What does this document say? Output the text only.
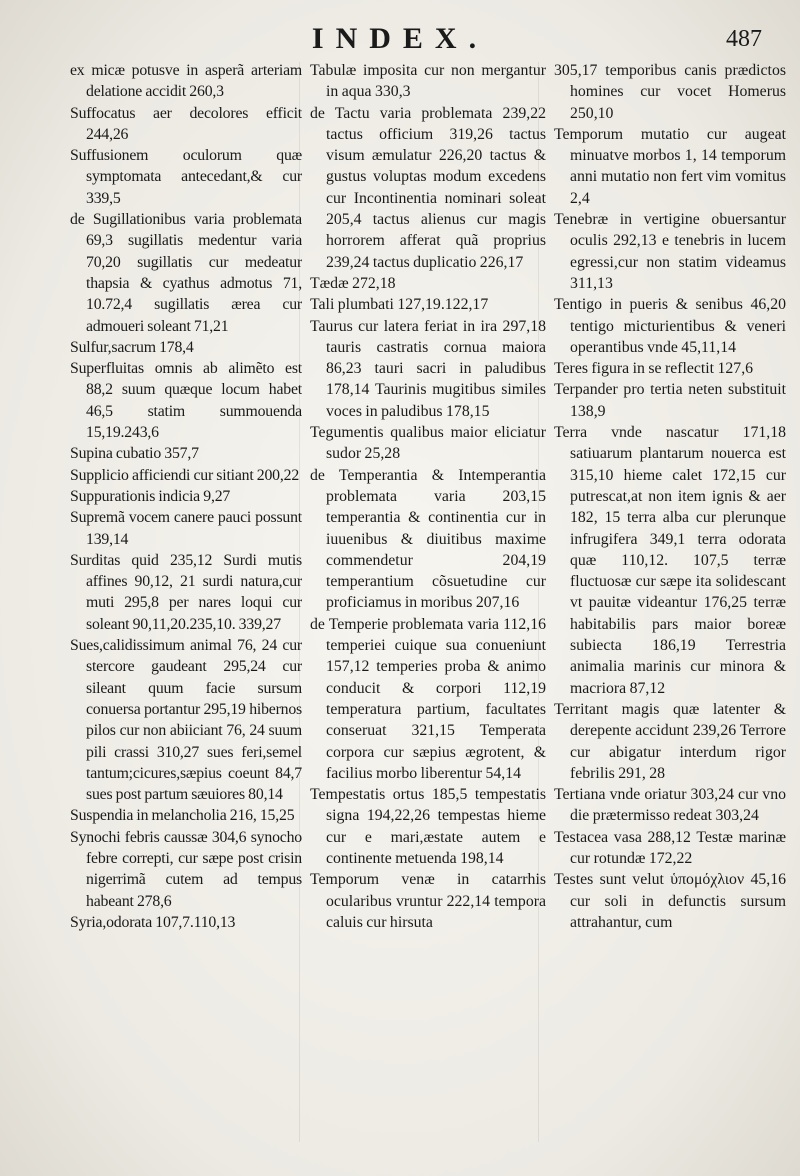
INDEX.	487

ex micæ potusve in asperã arteriam delatione accidit 260,3

Suffocatus aer decolores efficit 244,26

Suffusionem oculorum quæ symptomata antecedant,& cur 339,5

de Sugillationibus varia problemata 69,3 sugillatis medentur varia 70,20 sugillatis cur medeatur thapsia & cyathus admotus 71, 10.72,4 sugillatis ærea cur admoueri soleant 71,21

Sulfur,sacrum 178,4

Superfluitas omnis ab alimẽto est 88,2 suum quæque locum habet 46,5 statim summouenda 15,19.243,6

Supina cubatio 357,7

Supplicio afficiendi cur sitiant 200,22

Suppurationis indicia 9,27

Supremã vocem canere pauci possunt 139,14

Surditas quid 235,12 Surdi mutis affines 90,12, 21 surdi natura,cur muti 295,8 per nares loqui cur soleant 90,11,20.235,10. 339,27

Sues,calidissimum animal 76, 24 cur stercore gaudeant 295,24 cur sileant quum facie sursum conuersa portantur 295,19 hibernos pilos cur non abiiciant 76, 24 suum pili crassi 310,27 sues feri,semel tantum;cicures,sæpius coeunt 84,7 sues post partum sæuiores 80,14

Suspendia in melancholia 216, 15,25

Synochi febris caussæ 304,6 synocho febre correpti, cur sæpe post crisin nigerrimã cutem ad tempus habeant 278,6

Syria,odorata 107,7.110,13

Tabulæ imposita cur non mergantur in aqua 330,3

de Tactu varia problemata 239,22 tactus officium 319,26 tactus visum æmulatur 226,20 tactus & gustus voluptas modum excedens cur Incontinentia nominari soleat 205,4 tactus alienus cur magis horrorem afferat quã proprius 239,24 tactus duplicatio 226,17

Tædæ 272,18

Tali plumbati 127,19.122,17

Taurus cur latera feriat in ira 297,18 tauris castratis cornua maiora 86,23 tauri sacri in paludibus 178,14 Taurinis mugitibus similes voces in paludibus 178,15

Tegumentis qualibus maior eliciatur sudor 25,28

de Temperantia & Intemperantia problemata varia 203,15 temperantia & continentia cur in iuuenibus & diuitibus maxime commendetur 204,19 temperantium cõsuetudine cur proficiamus in moribus 207,16

de Temperie problemata varia 112,16 temperiei cuique sua conueniunt 157,12 temperies proba & animo conducit & corpori 112,19 temperatura partium, facultates conseruat 321,15 Temperata corpora cur sæpius ægrotent, & facilius morbo liberentur 54,14

Tempestatis ortus 185,5 tempestatis signa 194,22,26 tempestas hieme cur e mari,æstate autem e continente metuenda 198,14

Temporum venæ in catarrhis ocularibus vruntur 222,14 tempora caluis cur hirsuta

305,17 temporibus canis prædictos homines cur vocet Homerus 250,10

Temporum mutatio cur augeat minuatve morbos 1, 14 temporum anni mutatio non fert vim vomitus 2,4

Tenebræ in vertigine obuersantur oculis 292,13 e tenebris in lucem egressi,cur non statim videamus 311,13

Tentigo in pueris & senibus 46,20 tentigo micturientibus & veneri operantibus vnde 45,11,14

Teres figura in se reflectit 127,6

Terpander pro tertia neten substituit 138,9

Terra vnde nascatur 171,18 satiuarum plantarum nouerca est 315,10 hieme calet 172,15 cur putrescat,at non item ignis & aer 182, 15 terra alba cur plerunque infrugifera 349,1 terra odorata quæ 110,12. 107,5 terræ fluctuosæ cur sæpe ita solidescant vt pauitæ videantur 176,25 terræ habitabilis pars maior boreæ subiecta 186,19 Terrestria animalia marinis cur minora & macriora 87,12

Territant magis quæ latenter & derepente accidunt 239,26 Terrore cur abigatur interdum rigor febrilis 291, 28

Tertiana vnde oriatur 303,24 cur vno die prætermisso redeat 303,24

Testacea vasa 288,12 Testæ marinæ cur rotundæ 172,22

Testes sunt velut ὑπομόχλιον 45,16 cur soli in defunctis sursum attrahantur, cum
